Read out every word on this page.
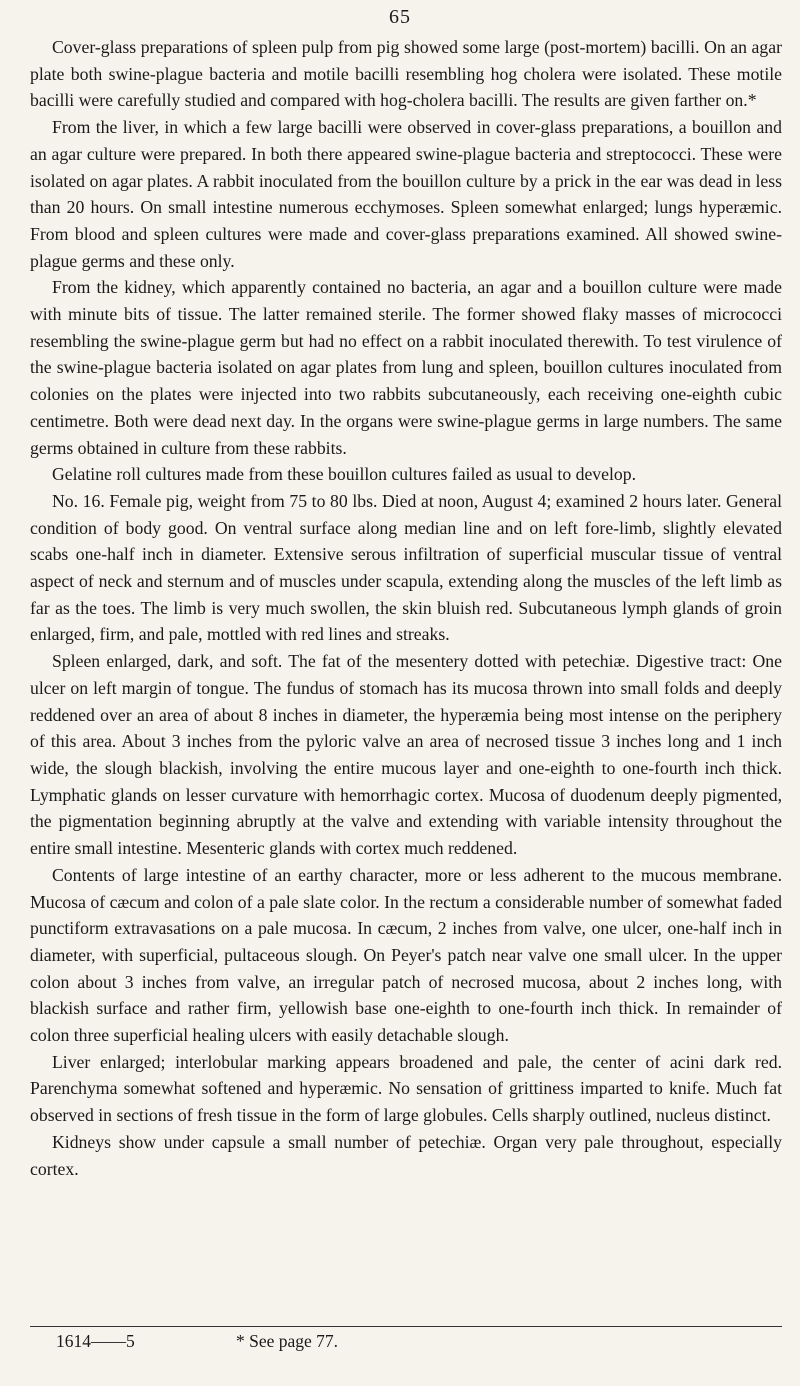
65

Cover-glass preparations of spleen pulp from pig showed some large (post-mortem) bacilli. On an agar plate both swine-plague bacteria and motile bacilli resembling hog cholera were isolated. These motile bacilli were carefully studied and compared with hog-cholera bacilli. The results are given farther on.*

From the liver, in which a few large bacilli were observed in cover-glass preparations, a bouillon and an agar culture were prepared. In both there appeared swine-plague bacteria and streptococci. These were isolated on agar plates. A rabbit inoculated from the bouillon culture by a prick in the ear was dead in less than 20 hours. On small intestine numerous ecchymoses. Spleen somewhat enlarged; lungs hyperæmic. From blood and spleen cultures were made and cover-glass preparations examined. All showed swine-plague germs and these only.

From the kidney, which apparently contained no bacteria, an agar and a bouillon culture were made with minute bits of tissue. The latter remained sterile. The former showed flaky masses of micrococci resembling the swine-plague germ but had no effect on a rabbit inoculated therewith. To test virulence of the swine-plague bacteria isolated on agar plates from lung and spleen, bouillon cultures inoculated from colonies on the plates were injected into two rabbits subcutaneously, each receiving one-eighth cubic centimetre. Both were dead next day. In the organs were swine-plague germs in large numbers. The same germs obtained in culture from these rabbits.

Gelatine roll cultures made from these bouillon cultures failed as usual to develop.

No. 16. Female pig, weight from 75 to 80 lbs. Died at noon, August 4; examined 2 hours later. General condition of body good. On ventral surface along median line and on left fore-limb, slightly elevated scabs one-half inch in diameter. Extensive serous infiltration of superficial muscular tissue of ventral aspect of neck and sternum and of muscles under scapula, extending along the muscles of the left limb as far as the toes. The limb is very much swollen, the skin bluish red. Subcutaneous lymph glands of groin enlarged, firm, and pale, mottled with red lines and streaks.

Spleen enlarged, dark, and soft. The fat of the mesentery dotted with petechiæ. Digestive tract: One ulcer on left margin of tongue. The fundus of stomach has its mucosa thrown into small folds and deeply reddened over an area of about 8 inches in diameter, the hyperæmia being most intense on the periphery of this area. About 3 inches from the pyloric valve an area of necrosed tissue 3 inches long and 1 inch wide, the slough blackish, involving the entire mucous layer and one-eighth to one-fourth inch thick. Lymphatic glands on lesser curvature with hemorrhagic cortex. Mucosa of duodenum deeply pigmented, the pigmentation beginning abruptly at the valve and extending with variable intensity throughout the entire small intestine. Mesenteric glands with cortex much reddened.

Contents of large intestine of an earthy character, more or less adherent to the mucous membrane. Mucosa of cæcum and colon of a pale slate color. In the rectum a considerable number of somewhat faded punctiform extravasations on a pale mucosa. In cæcum, 2 inches from valve, one ulcer, one-half inch in diameter, with superficial, pultaceous slough. On Peyer's patch near valve one small ulcer. In the upper colon about 3 inches from valve, an irregular patch of necrosed mucosa, about 2 inches long, with blackish surface and rather firm, yellowish base one-eighth to one-fourth inch thick. In remainder of colon three superficial healing ulcers with easily detachable slough.

Liver enlarged; interlobular marking appears broadened and pale, the center of acini dark red. Parenchyma somewhat softened and hyperæmic. No sensation of grittiness imparted to knife. Much fat observed in sections of fresh tissue in the form of large globules. Cells sharply outlined, nucleus distinct.

Kidneys show under capsule a small number of petechiæ. Organ very pale throughout, especially cortex.

1614——5	* See page 77.
